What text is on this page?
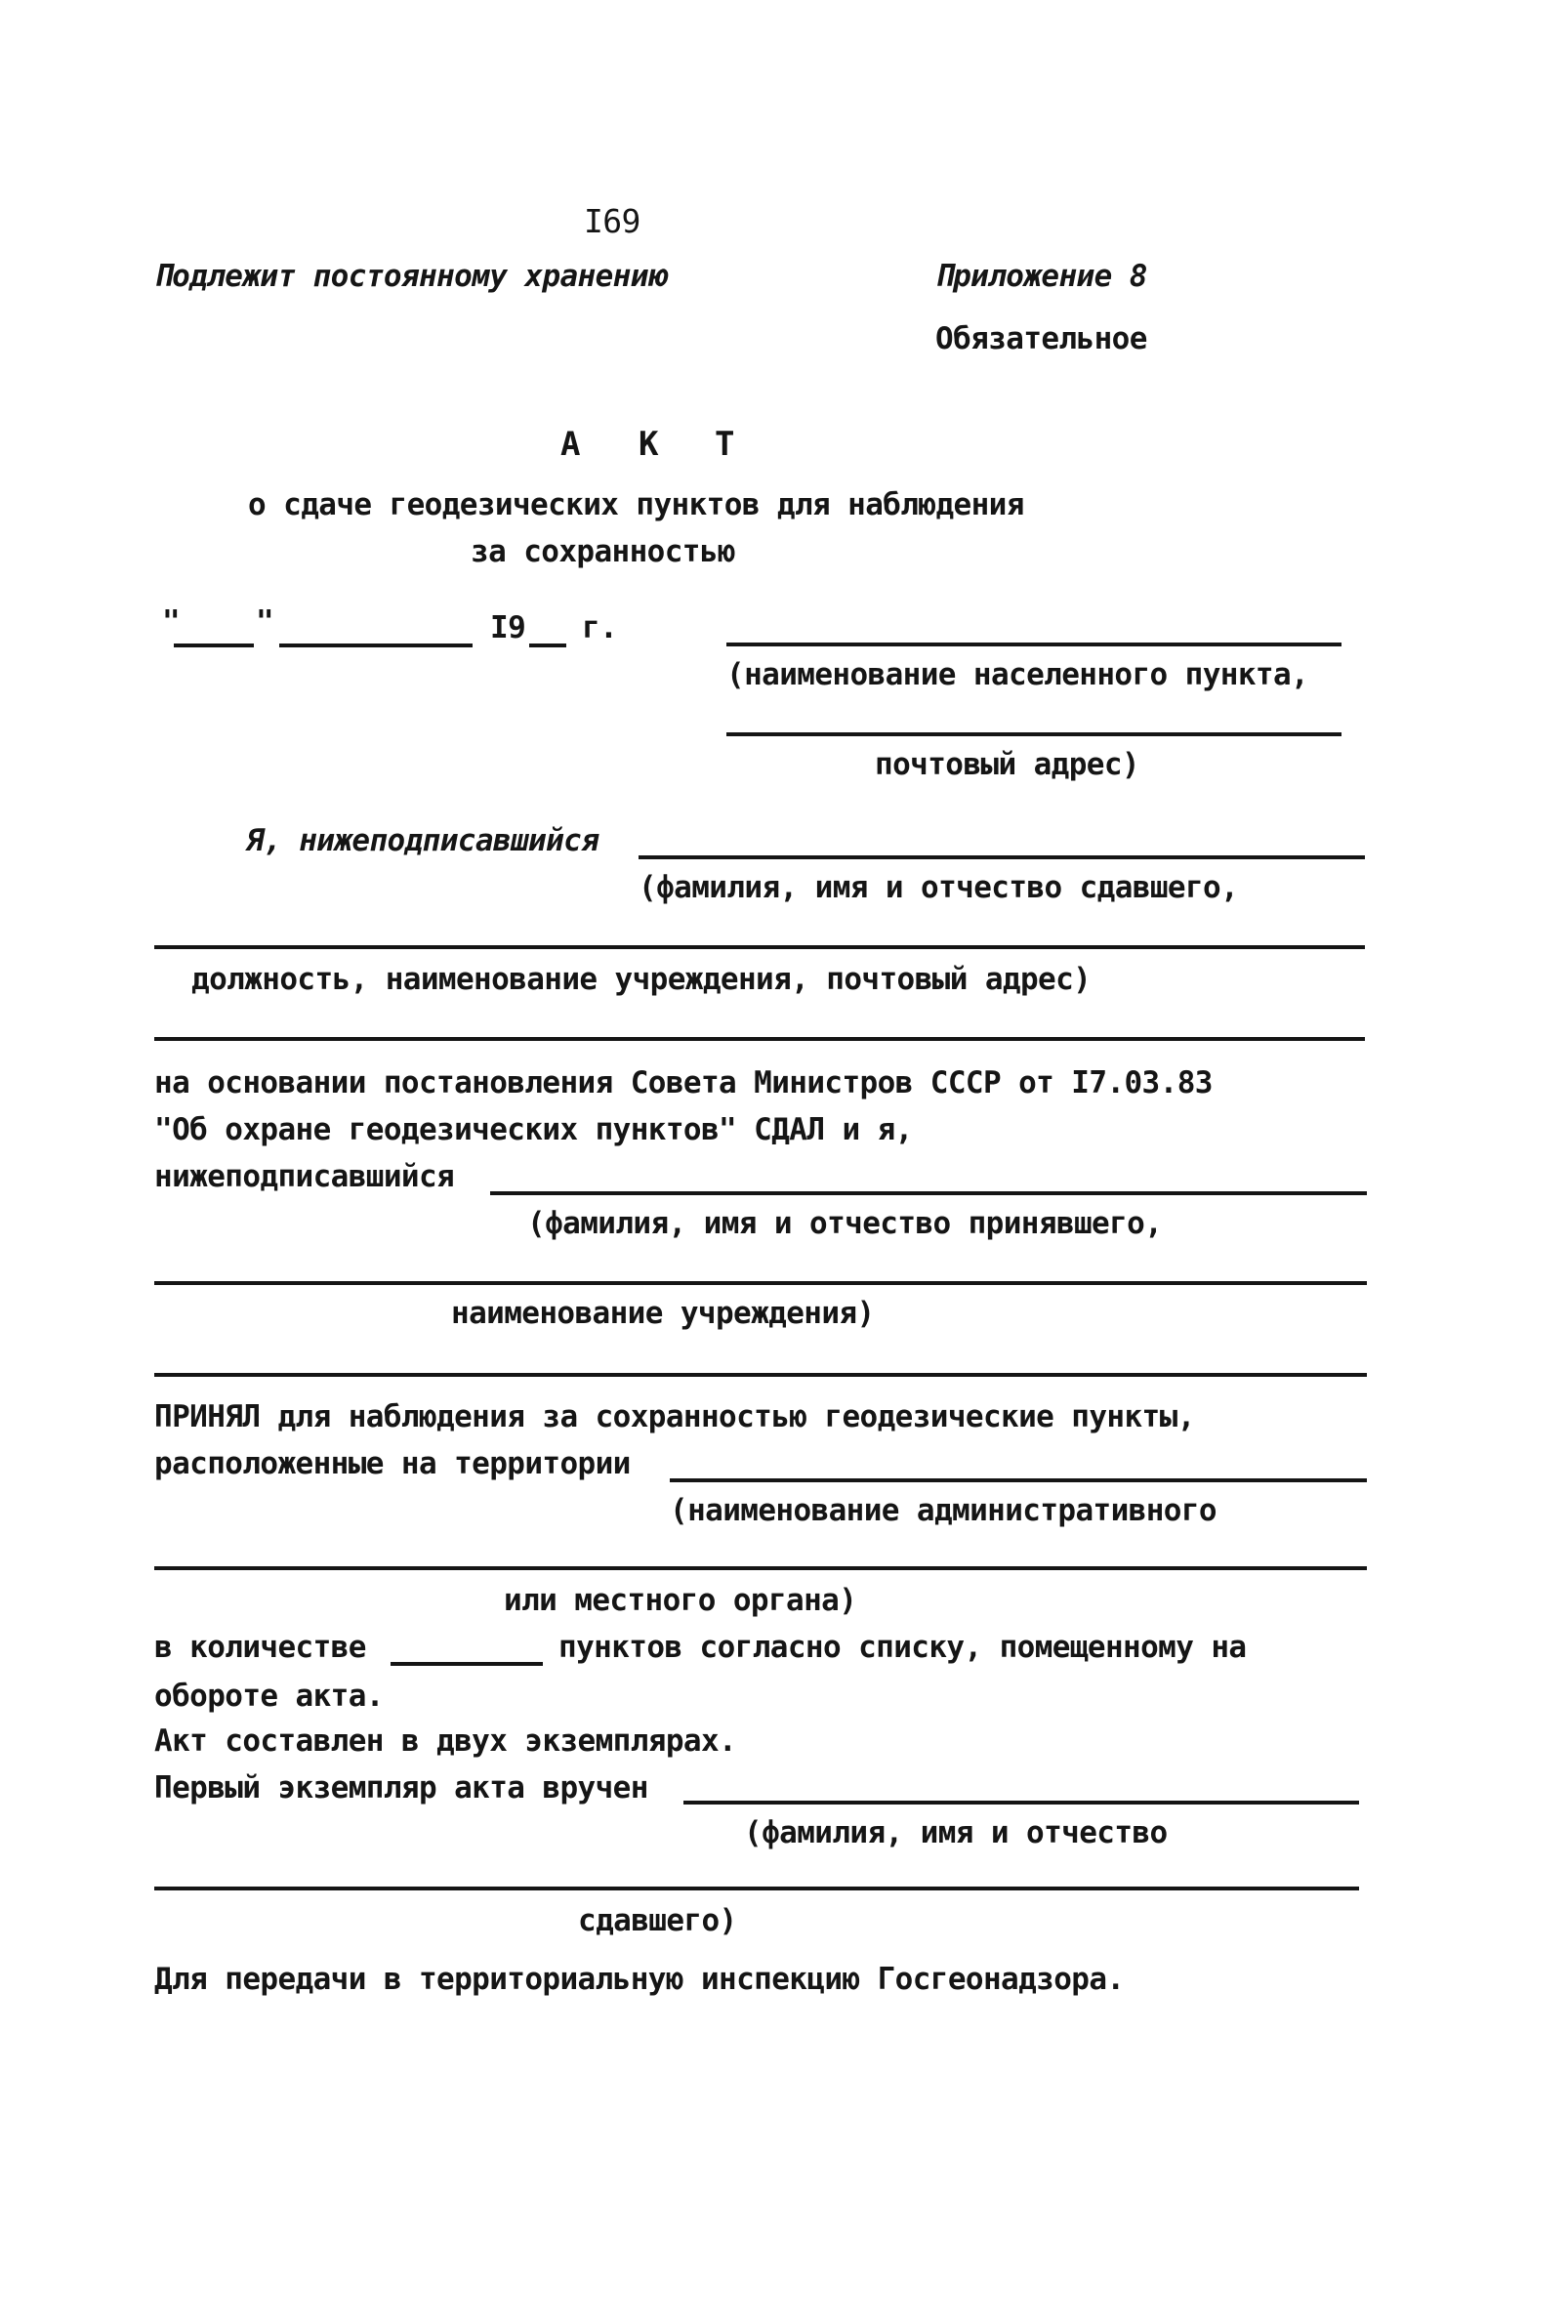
I69
Подлежит постоянному хранению	Приложение 8
Обязательное
А К Т
о сдаче геодезических пунктов для наблюдения
за сохранностью
"	"	I9 г.
(наименование населенного пункта,
почтовый адрес)
Я, нижеподписавшийся
(фамилия, имя и отчество сдавшего,
должность, наименование учреждения, почтовый адрес)
на основании постановления Совета Министров СССР от I7.03.83
"Об охране геодезических пунктов" СДАЛ и я,
нижеподписавшийся
(фамилия, имя и отчество принявшего,
наименование учреждения)
ПРИНЯЛ для наблюдения за сохранностью геодезические пункты,
расположенные на территории
(наименование административного
или местного органа)
в количестве	пунктов согласно списку, помещенному на
обороте акта.
Акт составлен в двух экземплярах.
Первый экземпляр акта вручен
(фамилия, имя и отчество
сдавшего)
Для передачи в территориальную инспекцию Госгеонадзора.
